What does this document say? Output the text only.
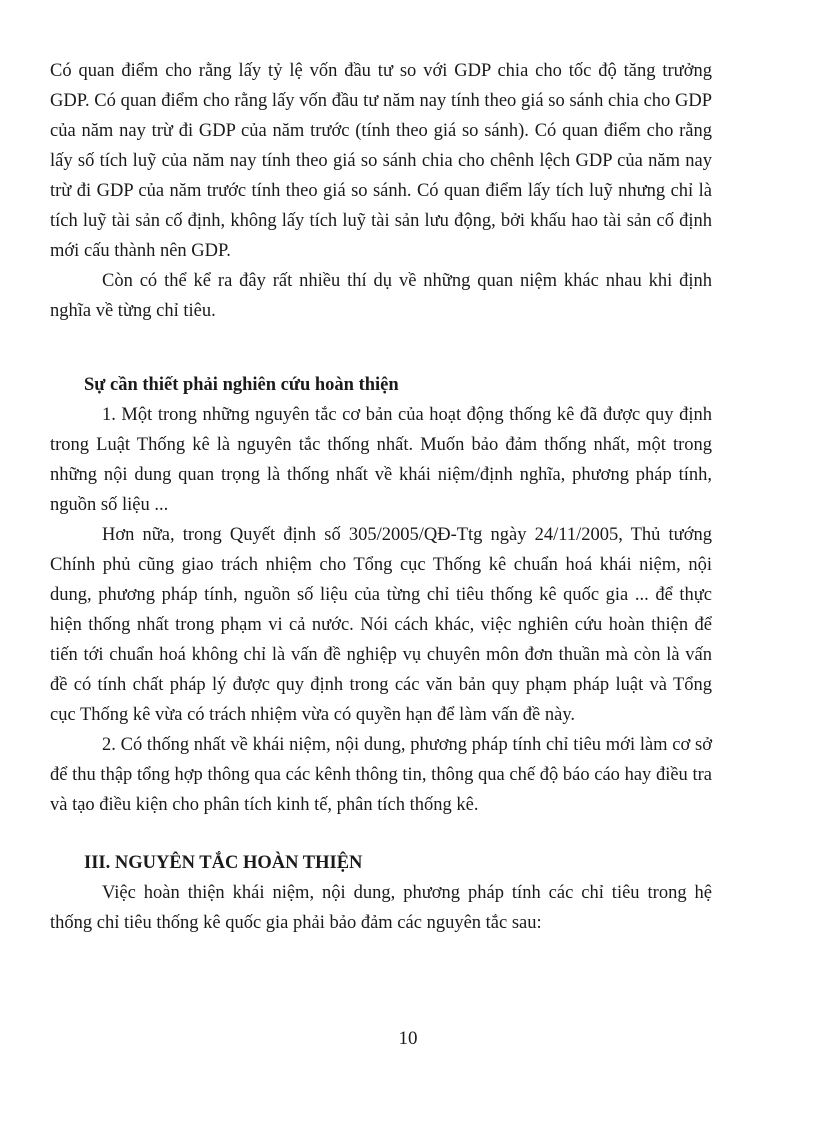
Có quan điểm cho rằng lấy tỷ lệ vốn đầu tư so với GDP chia cho tốc độ tăng trưởng GDP. Có quan điểm cho rằng lấy vốn đầu tư năm nay tính theo giá so sánh chia cho GDP của năm nay trừ đi GDP của năm trước (tính theo giá so sánh). Có quan điểm cho rằng lấy số tích luỹ của năm nay tính theo giá so sánh chia cho chênh lệch GDP của năm nay trừ đi GDP của năm trước tính theo giá so sánh. Có quan điểm lấy tích luỹ nhưng chỉ là tích luỹ tài sản cố định, không lấy tích luỹ tài sản lưu động, bởi khấu hao tài sản cố định mới cấu thành nên GDP.

Còn có thể kể ra đây rất nhiều thí dụ về những quan niệm khác nhau khi định nghĩa về từng chỉ tiêu.

Sự cần thiết phải nghiên cứu hoàn thiện

1. Một trong những nguyên tắc cơ bản của hoạt động thống kê đã được quy định trong Luật Thống kê là nguyên tắc thống nhất. Muốn bảo đảm thống nhất, một trong những nội dung quan trọng là thống nhất về khái niệm/định nghĩa, phương pháp tính, nguồn số liệu ...

Hơn nữa, trong Quyết định số 305/2005/QĐ-Ttg ngày 24/11/2005, Thủ tướng Chính phủ cũng giao trách nhiệm cho Tổng cục Thống kê chuẩn hoá khái niệm, nội dung, phương pháp tính, nguồn số liệu của từng chỉ tiêu thống kê quốc gia ... để thực hiện thống nhất trong phạm vi cả nước. Nói cách khác, việc nghiên cứu hoàn thiện để tiến tới chuẩn hoá không chỉ là vấn đề nghiệp vụ chuyên môn đơn thuần mà còn là vấn đề có tính chất pháp lý được quy định trong các văn bản quy phạm pháp luật và Tổng cục Thống kê vừa có trách nhiệm vừa có quyền hạn để làm vấn đề này.

2. Có thống nhất về khái niệm, nội dung, phương pháp tính chỉ tiêu mới làm cơ sở để thu thập tổng hợp thông qua các kênh thông tin, thông qua chế độ báo cáo hay điều tra và tạo điều kiện cho phân tích kinh tế, phân tích thống kê.

III. NGUYÊN TẮC HOÀN THIỆN

Việc hoàn thiện khái niệm, nội dung, phương pháp tính các chỉ tiêu trong hệ thống chỉ tiêu thống kê quốc gia phải bảo đảm các nguyên tắc sau:

10
